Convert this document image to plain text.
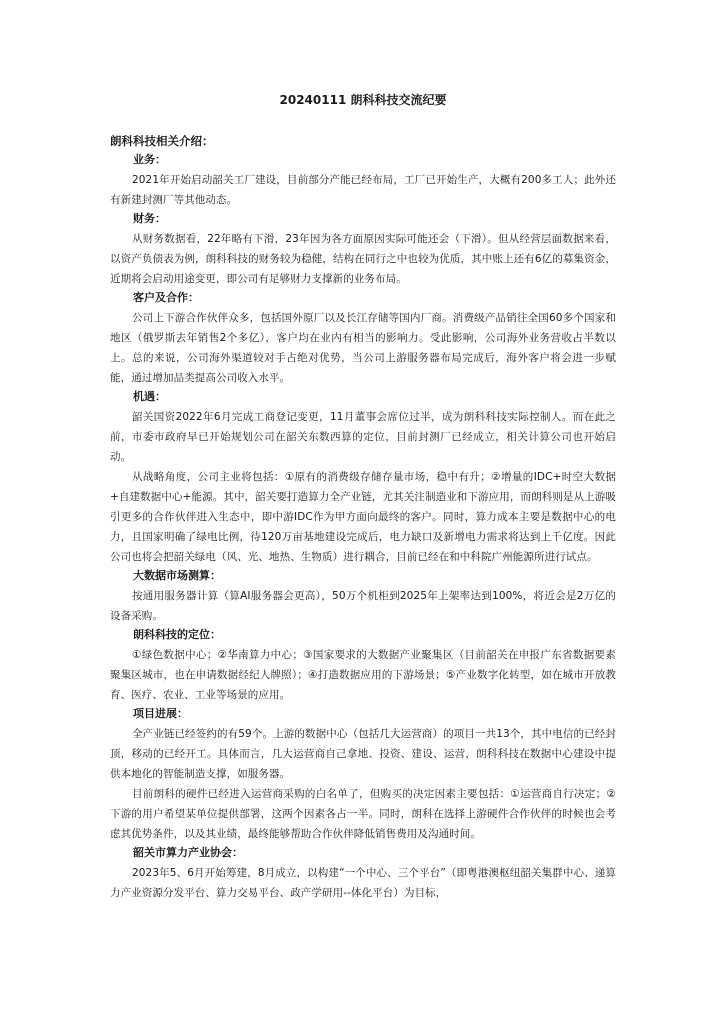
20240111 朗科科技交流纪要
朗科科技相关介绍：
业务：

2021年开始启动韶关工厂建设，目前部分产能已经布局，工厂已开始生产，大概有200多工人；此外还有新建封测厂等其他动态。

财务：

从财务数据看，22年略有下滑，23年因为各方面原因实际可能还会（下滑）。但从经营层面数据来看，以资产负债表为例，朗科科技的财务较为稳健，结构在同行之中也较为优质，其中账上还有6亿的募集资金，近期将会启动用途变更，即公司有足够财力支撑新的业务布局。

客户及合作：

公司上下游合作伙伴众多，包括国外原厂以及长江存储等国内厂商。消费级产品销往全国60多个国家和地区（俄罗斯去年销售2个多亿），客户均在业内有相当的影响力。受此影响，公司海外业务营收占半数以上。总的来说，公司海外渠道较对手占绝对优势，当公司上游服务器布局完成后，海外客户将会进一步赋能，通过增加品类提高公司收入水平。

机遇：

韶关国资2022年6月完成工商登记变更，11月董事会席位过半，成为朗科科技实际控制人。而在此之前，市委市政府早已开始规划公司在韶关东数西算的定位，目前封测厂已经成立，相关计算公司也开始启动。

从战略角度，公司主业将包括：①原有的消费级存储存量市场，稳中有升；②增量的IDC+时空大数据+自建数据中心+能源。其中，韶关要打造算力全产业链，尤其关注制造业和下游应用，而朗科则是从上游吸引更多的合作伙伴进入生态中，即中游IDC作为甲方面向最终的客户。同时，算力成本主要是数据中心的电力，且国家明确了绿电比例，待120万亩基地建设完成后，电力缺口及新增电力需求将达到上千亿度。因此公司也将会把韶关绿电（风、光、地热、生物质）进行耦合，目前已经在和中科院广州能源所进行试点。

大数据市场测算：

按通用服务器计算（算AI服务器会更高），50万个机柜到2025年上架率达到100%，将近会是2万亿的设备采购。

朗科科技的定位：

①绿色数据中心；②华南算力中心；③国家要求的大数据产业聚集区（目前韶关在申报广东省数据要素聚集区城市，也在申请数据经纪人牌照）；④打造数据应用的下游场景；⑤产业数字化转型，如在城市开放教育、医疗、农业、工业等场景的应用。

项目进展：

全产业链已经签约的有59个。上游的数据中心（包括几大运营商）的项目一共13个，其中电信的已经封顶，移动的已经开工。具体而言，几大运营商自己拿地、投资、建设、运营，朗科科技在数据中心建设中提供本地化的智能制造支撑，如服务器。

目前朗科的硬件已经进入运营商采购的白名单了，但购买的决定因素主要包括：①运营商自行决定；②下游的用户希望某单位提供部署，这两个因素各占一半。同时，朗科在选择上游硬件合作伙伴的时候也会考虑其优势条件，以及其业绩，最终能够帮助合作伙伴降低销售费用及沟通时间。

韶关市算力产业协会：

2023年5、6月开始筹建，8月成立，以构建“一个中心、三个平台”（即粤港澳枢纽韶关集群中心、递算力产业资源分发平台、算力交易平台、政产学研用--体化平台）为目标，
